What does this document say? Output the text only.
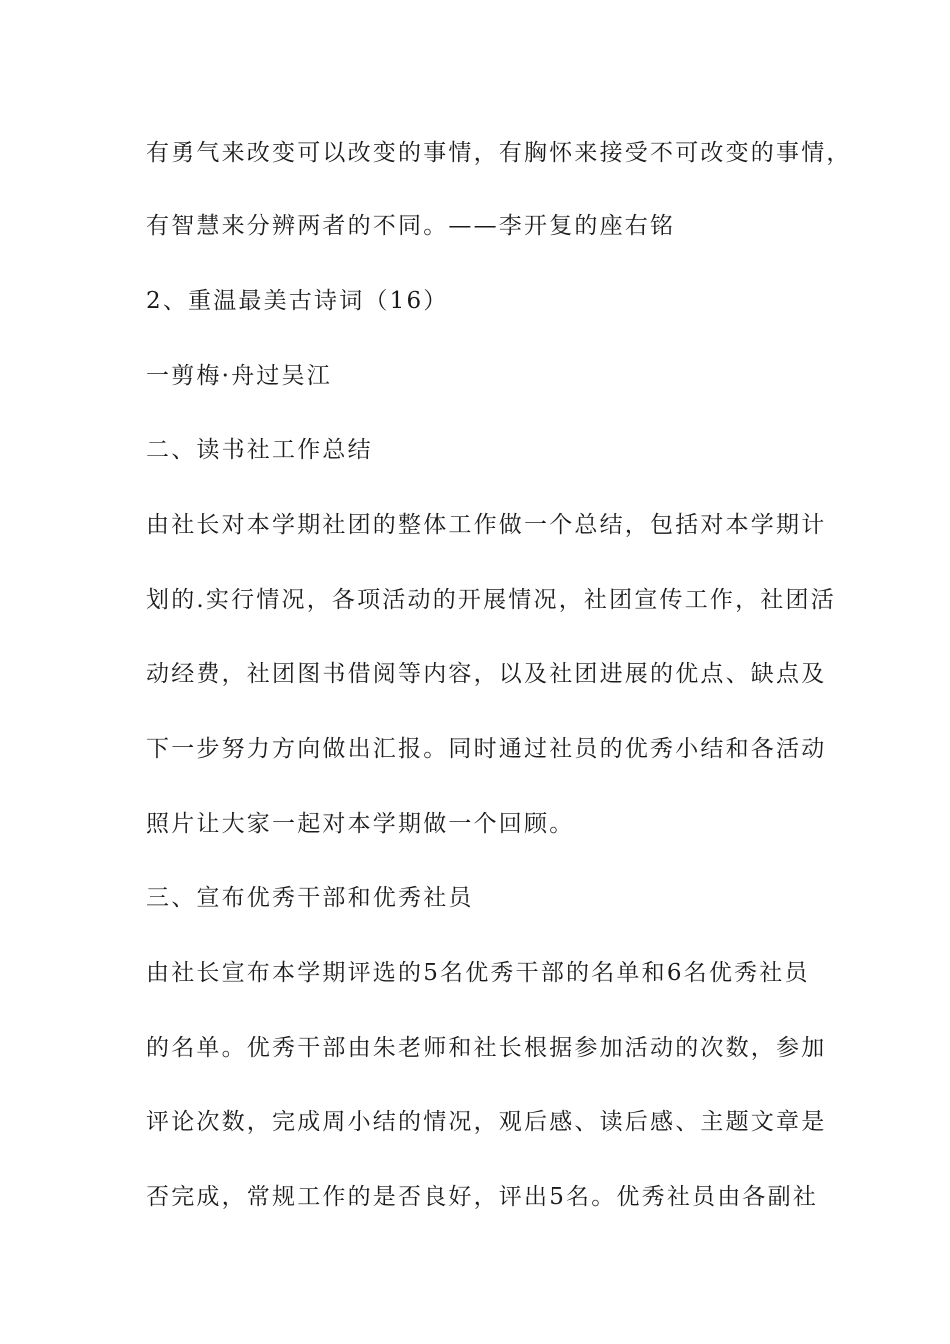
有勇气来改变可以改变的事情，有胸怀来接受不可改变的事情，
有智慧来分辨两者的不同。——李开复的座右铭
2、重温最美古诗词（16）
一剪梅·舟过吴江
二、读书社工作总结
由社长对本学期社团的整体工作做一个总结，包括对本学期计
划的.实行情况，各项活动的开展情况，社团宣传工作，社团活
动经费，社团图书借阅等内容，以及社团进展的优点、缺点及
下一步努力方向做出汇报。同时通过社员的优秀小结和各活动
照片让大家一起对本学期做一个回顾。
三、宣布优秀干部和优秀社员
由社长宣布本学期评选的5名优秀干部的名单和6名优秀社员
的名单。优秀干部由朱老师和社长根据参加活动的次数，参加
评论次数，完成周小结的情况，观后感、读后感、主题文章是
否完成，常规工作的是否良好，评出5名。优秀社员由各副社
